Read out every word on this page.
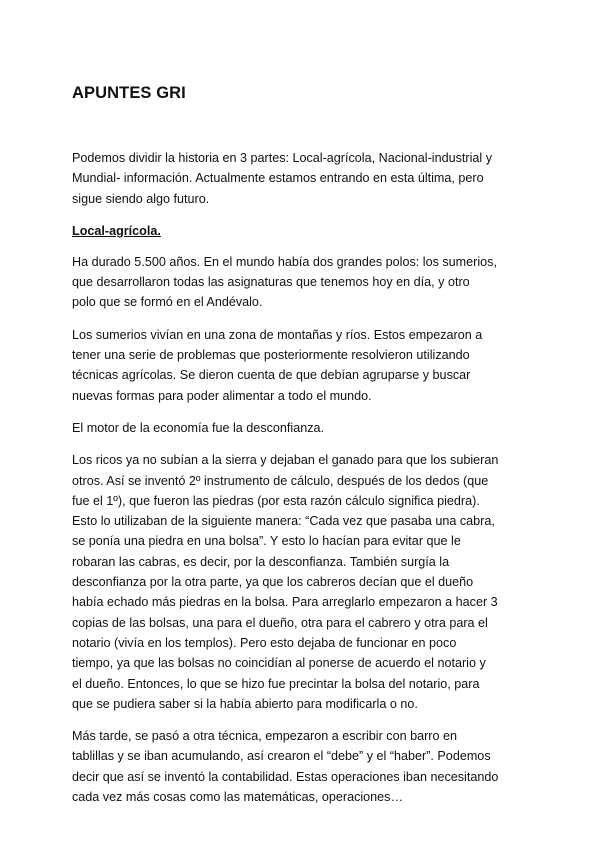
APUNTES GRI

Podemos dividir la historia en 3 partes: Local-agrícola, Nacional-industrial y
Mundial- información. Actualmente estamos entrando en esta última, pero
sigue siendo algo futuro.

Local-agrícola.

Ha durado 5.500 años. En el mundo había dos grandes polos: los sumerios,
que desarrollaron todas las asignaturas que tenemos hoy en día, y otro
polo que se formó en el Andévalo.

Los sumerios vivían en una zona de montañas y ríos. Estos empezaron a
tener una serie de problemas que posteriormente resolvieron utilizando
técnicas agrícolas. Se dieron cuenta de que debían agruparse y buscar
nuevas formas para poder alimentar a todo el mundo.

El motor de la economía fue la desconfianza.

Los ricos ya no subían a la sierra y dejaban el ganado para que los subieran
otros. Así se inventó 2º instrumento de cálculo, después de los dedos (que
fue el 1º), que fueron las piedras (por esta razón cálculo significa piedra).
Esto lo utilizaban de la siguiente manera: “Cada vez que pasaba una cabra,
se ponía una piedra en una bolsa”. Y esto lo hacían para evitar que le
robaran las cabras, es decir, por la desconfianza. También surgía la
desconfianza por la otra parte, ya que los cabreros decían que el dueño
había echado más piedras en la bolsa. Para arreglarlo empezaron a hacer 3
copias de las bolsas, una para el dueño, otra para el cabrero y otra para el
notario (vivía en los templos). Pero esto dejaba de funcionar en poco
tiempo, ya que las bolsas no coincidían al ponerse de acuerdo el notario y
el dueño. Entonces, lo que se hizo fue precintar la bolsa del notario, para
que se pudiera saber si la había abierto para modificarla o no.

Más tarde, se pasó a otra técnica, empezaron a escribir con barro en
tablillas y se iban acumulando, así crearon el “debe” y el “haber”. Podemos
decir que así se inventó la contabilidad. Estas operaciones iban necesitando
cada vez más cosas como las matemáticas, operaciones…
